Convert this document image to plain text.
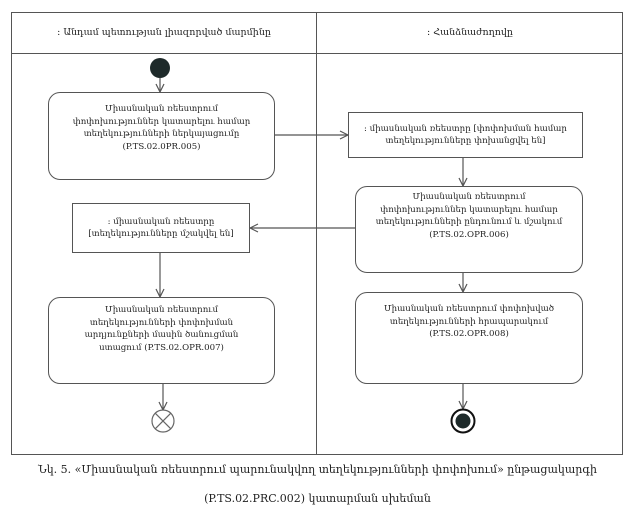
: Անդամ պետության լիազորված մարմինը	: Հանձնաժողովը
Միասնական ռեեստրում փոփոխություններ կատարելու համար տեղեկությունների ներկայացումը (P.TS.02.0PR.005)
: միասնական ռեեստրը [փոփոխման համար տեղեկությունները փոխանցվել են]
Միասնական ռեեստրում փոփոխություններ կատարելու համար տեղեկությունների ընդունում և մշակում (P.TS.02.OPR.006)
: միասնական ռեեստրը [տեղեկությունները մշակվել են]
Միասնական ռեեստրում տեղեկությունների փոփոխման արդյունքների մասին ծանուցման ստացում (P.TS.02.OPR.007)
Միասնական ռեեստրում փոփոխված տեղեկությունների հրապարակում (P.TS.02.OPR.008)
Նկ. 5. «Միասնական ռեեստրում պարունակվող տեղեկությունների փոփոխում» ընթացակարգի
(P.TS.02.PRC.002) կատարման սխեման
